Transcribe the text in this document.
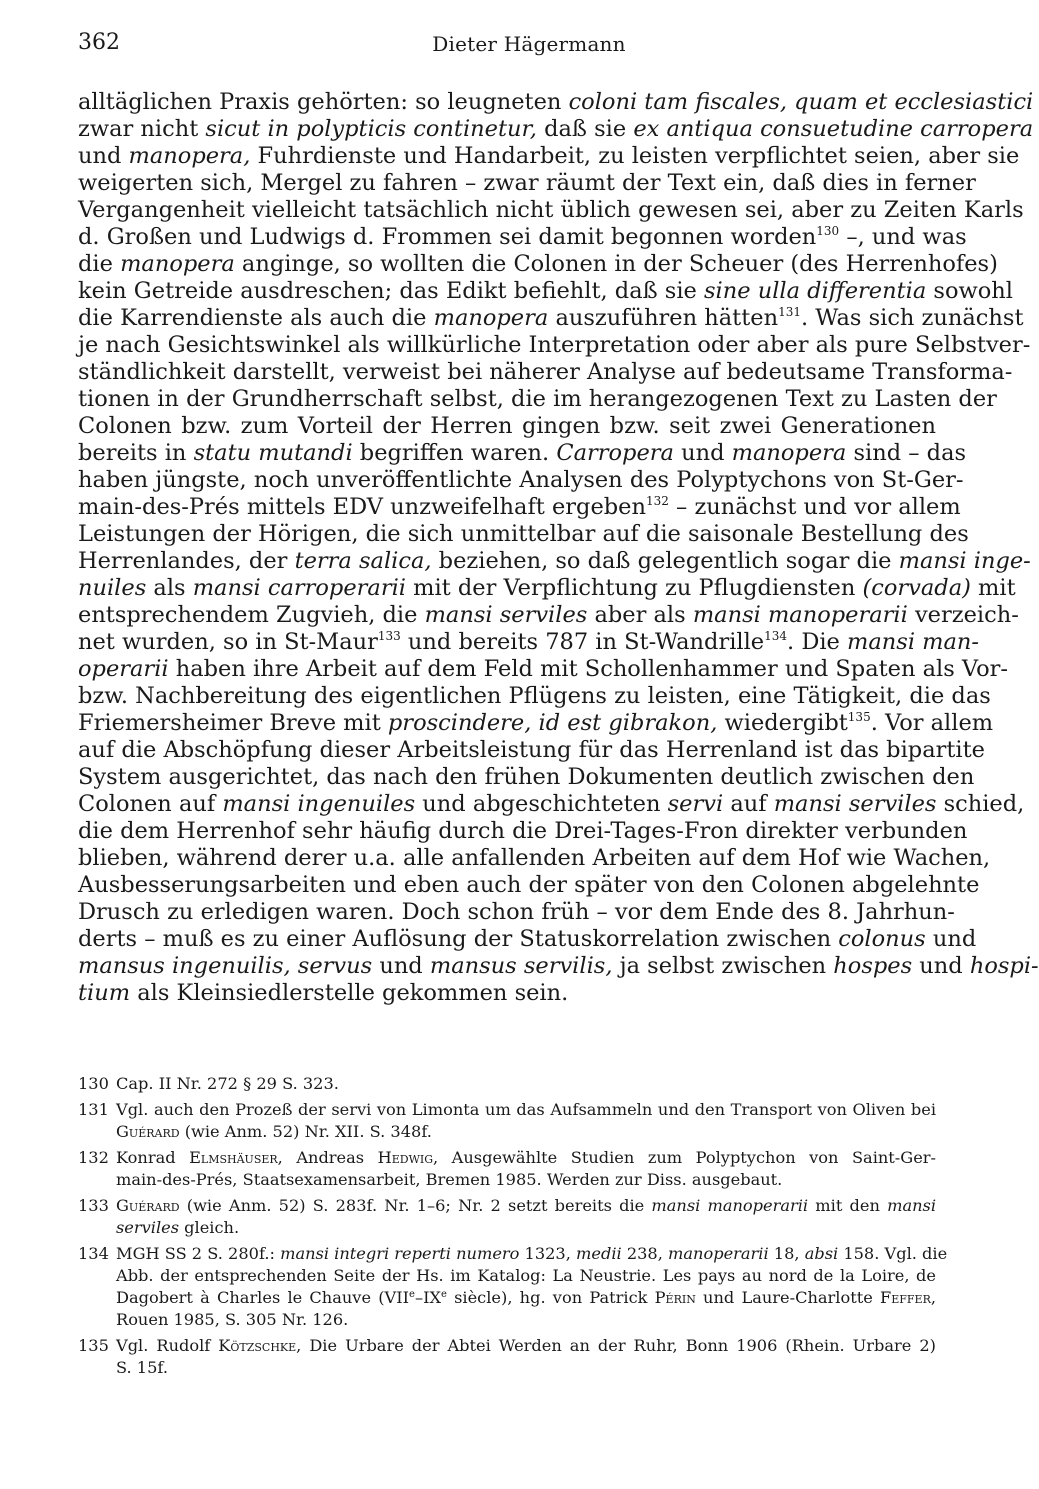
362	Dieter Hägermann
alltäglichen Praxis gehörten: so leugneten coloni tam fiscales, quam et ecclesiastici
zwar nicht sicut in polypticis continetur, daß sie ex antiqua consuetudine carropera
und manopera, Fuhrdienste und Handarbeit, zu leisten verpflichtet seien, aber sie
weigerten sich, Mergel zu fahren – zwar räumt der Text ein, daß dies in ferner
Vergangenheit vielleicht tatsächlich nicht üblich gewesen sei, aber zu Zeiten Karls
d. Großen und Ludwigs d. Frommen sei damit begonnen worden$^{130}$ –, und was
die manopera anginge, so wollten die Colonen in der Scheuer (des Herrenhofes)
kein Getreide ausdreschen; das Edikt befiehlt, daß sie sine ulla differentia sowohl
die Karrendienste als auch die manopera auszuführen hätten$^{131}$. Was sich zunächst
je nach Gesichtswinkel als willkürliche Interpretation oder aber als pure Selbstver-
ständlichkeit darstellt, verweist bei näherer Analyse auf bedeutsame Transforma-
tionen in der Grundherrschaft selbst, die im herangezogenen Text zu Lasten der
Colonen bzw. zum Vorteil der Herren gingen bzw. seit zwei Generationen
bereits in statu mutandi begriffen waren. Carropera und manopera sind – das
haben jüngste, noch unveröffentlichte Analysen des Polyptychons von St-Ger-
main-des-Prés mittels EDV unzweifelhaft ergeben$^{132}$ – zunächst und vor allem
Leistungen der Hörigen, die sich unmittelbar auf die saisonale Bestellung des
Herrenlandes, der terra salica, beziehen, so daß gelegentlich sogar die mansi inge-
nuiles als mansi carroperarii mit der Verpflichtung zu Pflugdiensten (corvada) mit
entsprechendem Zugvieh, die mansi serviles aber als mansi manoperarii verzeich-
net wurden, so in St-Maur$^{133}$ und bereits 787 in St-Wandrille$^{134}$. Die mansi man-
operarii haben ihre Arbeit auf dem Feld mit Schollenhammer und Spaten als Vor-
bzw. Nachbereitung des eigentlichen Pflügens zu leisten, eine Tätigkeit, die das
Friemersheimer Breve mit proscindere, id est gibrakon, wiedergibt$^{135}$. Vor allem
auf die Abschöpfung dieser Arbeitsleistung für das Herrenland ist das bipartite
System ausgerichtet, das nach den frühen Dokumenten deutlich zwischen den
Colonen auf mansi ingenuiles und abgeschichteten servi auf mansi serviles schied,
die dem Herrenhof sehr häufig durch die Drei-Tages-Fron direkter verbunden
blieben, während derer u.a. alle anfallenden Arbeiten auf dem Hof wie Wachen,
Ausbesserungsarbeiten und eben auch der später von den Colonen abgelehnte
Drusch zu erledigen waren. Doch schon früh – vor dem Ende des 8. Jahrhun-
derts – muß es zu einer Auflösung der Statuskorrelation zwischen colonus und
mansus ingenuilis, servus und mansus servilis, ja selbst zwischen hospes und hospi-
tium als Kleinsiedlerstelle gekommen sein.
130 Cap. II Nr. 272 § 29 S. 323.
131 Vgl. auch den Prozeß der servi von Limonta um das Aufsammeln und den Transport von Oliven bei
Guérard (wie Anm. 52) Nr. XII. S. 348f.
132 Konrad Elmshäuser, Andreas Hedwig, Ausgewählte Studien zum Polyptychon von Saint-Ger-
main-des-Prés, Staatsexamensarbeit, Bremen 1985. Werden zur Diss. ausgebaut.
133 Guérard (wie Anm. 52) S. 283f. Nr. 1–6; Nr. 2 setzt bereits die mansi manoperarii mit den mansi
serviles gleich.
134 MGH SS 2 S. 280f.: mansi integri reperti numero 1323, medii 238, manoperarii 18, absi 158. Vgl. die
Abb. der entsprechenden Seite der Hs. im Katalog: La Neustrie. Les pays au nord de la Loire, de
Dagobert à Charles le Chauve (VIIe–IXe siècle), hg. von Patrick Périn und Laure-Charlotte Feffer,
Rouen 1985, S. 305 Nr. 126.
135 Vgl. Rudolf Kötzschke, Die Urbare der Abtei Werden an der Ruhr, Bonn 1906 (Rhein. Urbare 2)
S. 15f.
